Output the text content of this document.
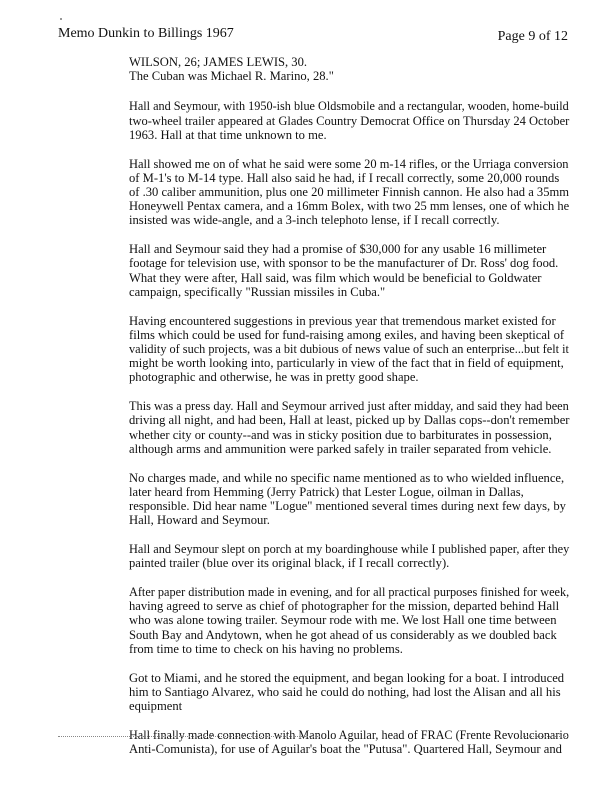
Memo Dunkin to Billings 1967	Page 9 of 12
WILSON, 26; JAMES LEWIS, 30.
The Cuban was Michael R. Marino, 28."
Hall and Seymour, with 1950-ish blue Oldsmobile and a rectangular, wooden, home-build
two-wheel trailer appeared at Glades Country Democrat Office on Thursday 24 October
1963. Hall at that time unknown to me.
Hall showed me on of what he said were some 20 m-14 rifles, or the Urriaga conversion
of M-1's to M-14 type. Hall also said he had, if I recall correctly, some 20,000 rounds
of .30 caliber ammunition, plus one 20 millimeter Finnish cannon. He also had a 35mm
Honeywell Pentax camera, and a 16mm Bolex, with two 25 mm lenses, one of which he
insisted was wide-angle, and a 3-inch telephoto lense, if I recall correctly.
Hall and Seymour said they had a promise of $30,000 for any usable 16 millimeter
footage for television use, with sponsor to be the manufacturer of Dr. Ross' dog food.
What they were after, Hall said, was film which would be beneficial to Goldwater
campaign, specifically "Russian missiles in Cuba."
Having encountered suggestions in previous year that tremendous market existed for
films which could be used for fund-raising among exiles, and having been skeptical of
validity of such projects, was a bit dubious of news value of such an enterprise...but felt it
might be worth looking into, particularly in view of the fact that in field of equipment,
photographic and otherwise, he was in pretty good shape.
This was a press day. Hall and Seymour arrived just after midday, and said they had been
driving all night, and had been, Hall at least, picked up by Dallas cops--don't remember
whether city or county--and was in sticky position due to barbiturates in possession,
although arms and ammunition were parked safely in trailer separated from vehicle.
No charges made, and while no specific name mentioned as to who wielded influence,
later heard from Hemming (Jerry Patrick) that Lester Logue, oilman in Dallas,
responsible. Did hear name "Logue" mentioned several times during next few days, by
Hall, Howard and Seymour.
Hall and Seymour slept on porch at my boardinghouse while I published paper, after they
painted trailer (blue over its original black, if I recall correctly).
After paper distribution made in evening, and for all practical purposes finished for week,
having agreed to serve as chief of photographer for the mission, departed behind Hall
who was alone towing trailer. Seymour rode with me. We lost Hall one time between
South Bay and Andytown, when he got ahead of us considerably as we doubled back
from time to time to check on his having no problems.
Got to Miami, and he stored the equipment, and began looking for a boat. I introduced
him to Santiago Alvarez, who said he could do nothing, had lost the Alisan and all his
equipment
Hall finally made connection with Manolo Aguilar, head of FRAC (Frente Revolucionario
Anti-Comunista), for use of Aguilar's boat the "Putusa". Quartered Hall, Seymour and
